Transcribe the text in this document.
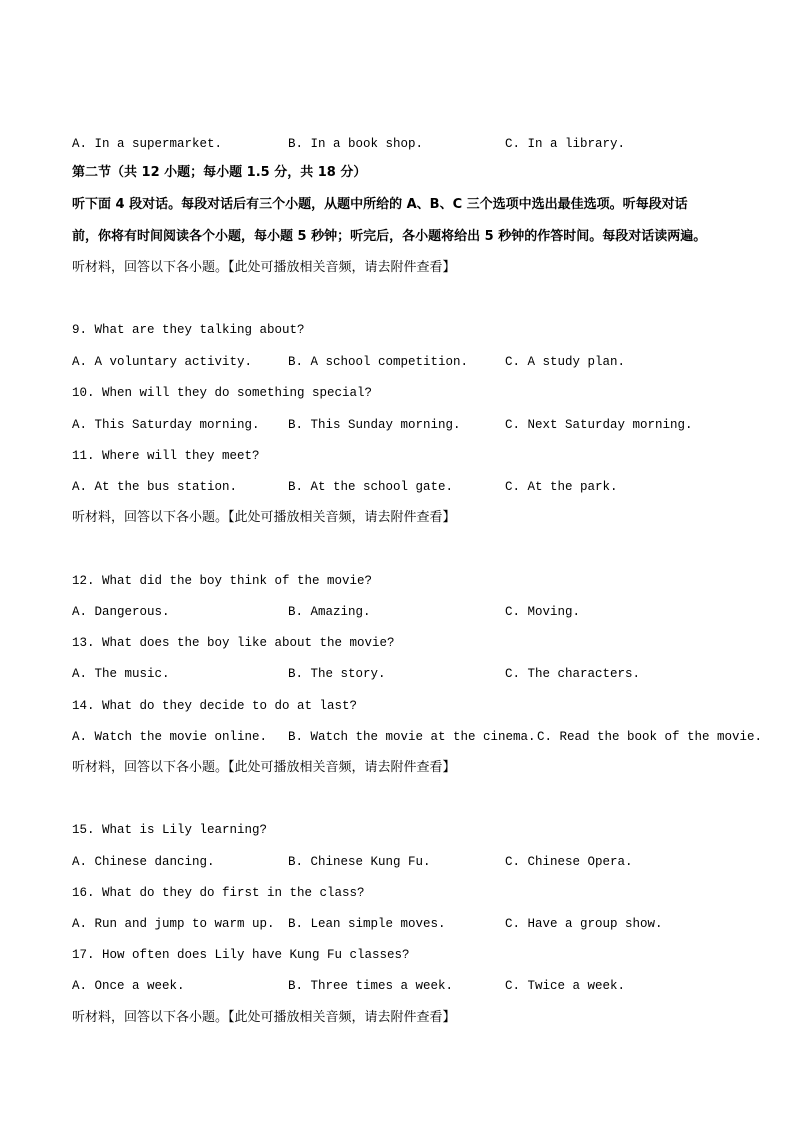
A. In a supermarket.	B. In a book shop.	C. In a library.
第二节（共 12 小题；每小题 1.5 分，共 18 分）
听下面 4 段对话。每段对话后有三个小题，从题中所给的 A、B、C 三个选项中选出最佳选项。听每段对话
前，你将有时间阅读各个小题，每小题 5 秒钟；听完后，各小题将给出 5 秒钟的作答时间。每段对话读两遍。
听材料，回答以下各小题。【此处可播放相关音频，请去附件查看】
9. What are they talking about?
A. A voluntary activity.	B. A school competition.	C. A study plan.
10. When will they do something special?
A. This Saturday morning. B. This Sunday morning.	C. Next Saturday morning.
11. Where will they meet?
A. At the bus station.	B. At the school gate.	C. At the park.
听材料，回答以下各小题。【此处可播放相关音频，请去附件查看】
12. What did the boy think of the movie?
A. Dangerous.	B. Amazing.	C. Moving.
13. What does the boy like about the movie?
A. The music.	B. The story.	C. The characters.
14. What do they decide to do at last?
A. Watch the movie online. B. Watch the movie at the cinema. C. Read the book of the movie.
听材料，回答以下各小题。【此处可播放相关音频，请去附件查看】
15. What is Lily learning?
A. Chinese dancing.	B. Chinese Kung Fu.	C. Chinese Opera.
16. What do they do first in the class?
A. Run and jump to warm up. B. Lean simple moves.	C. Have a group show.
17. How often does Lily have Kung Fu classes?
A. Once a week.	B. Three times a week.	C. Twice a week.
听材料，回答以下各小题。【此处可播放相关音频，请去附件查看】
